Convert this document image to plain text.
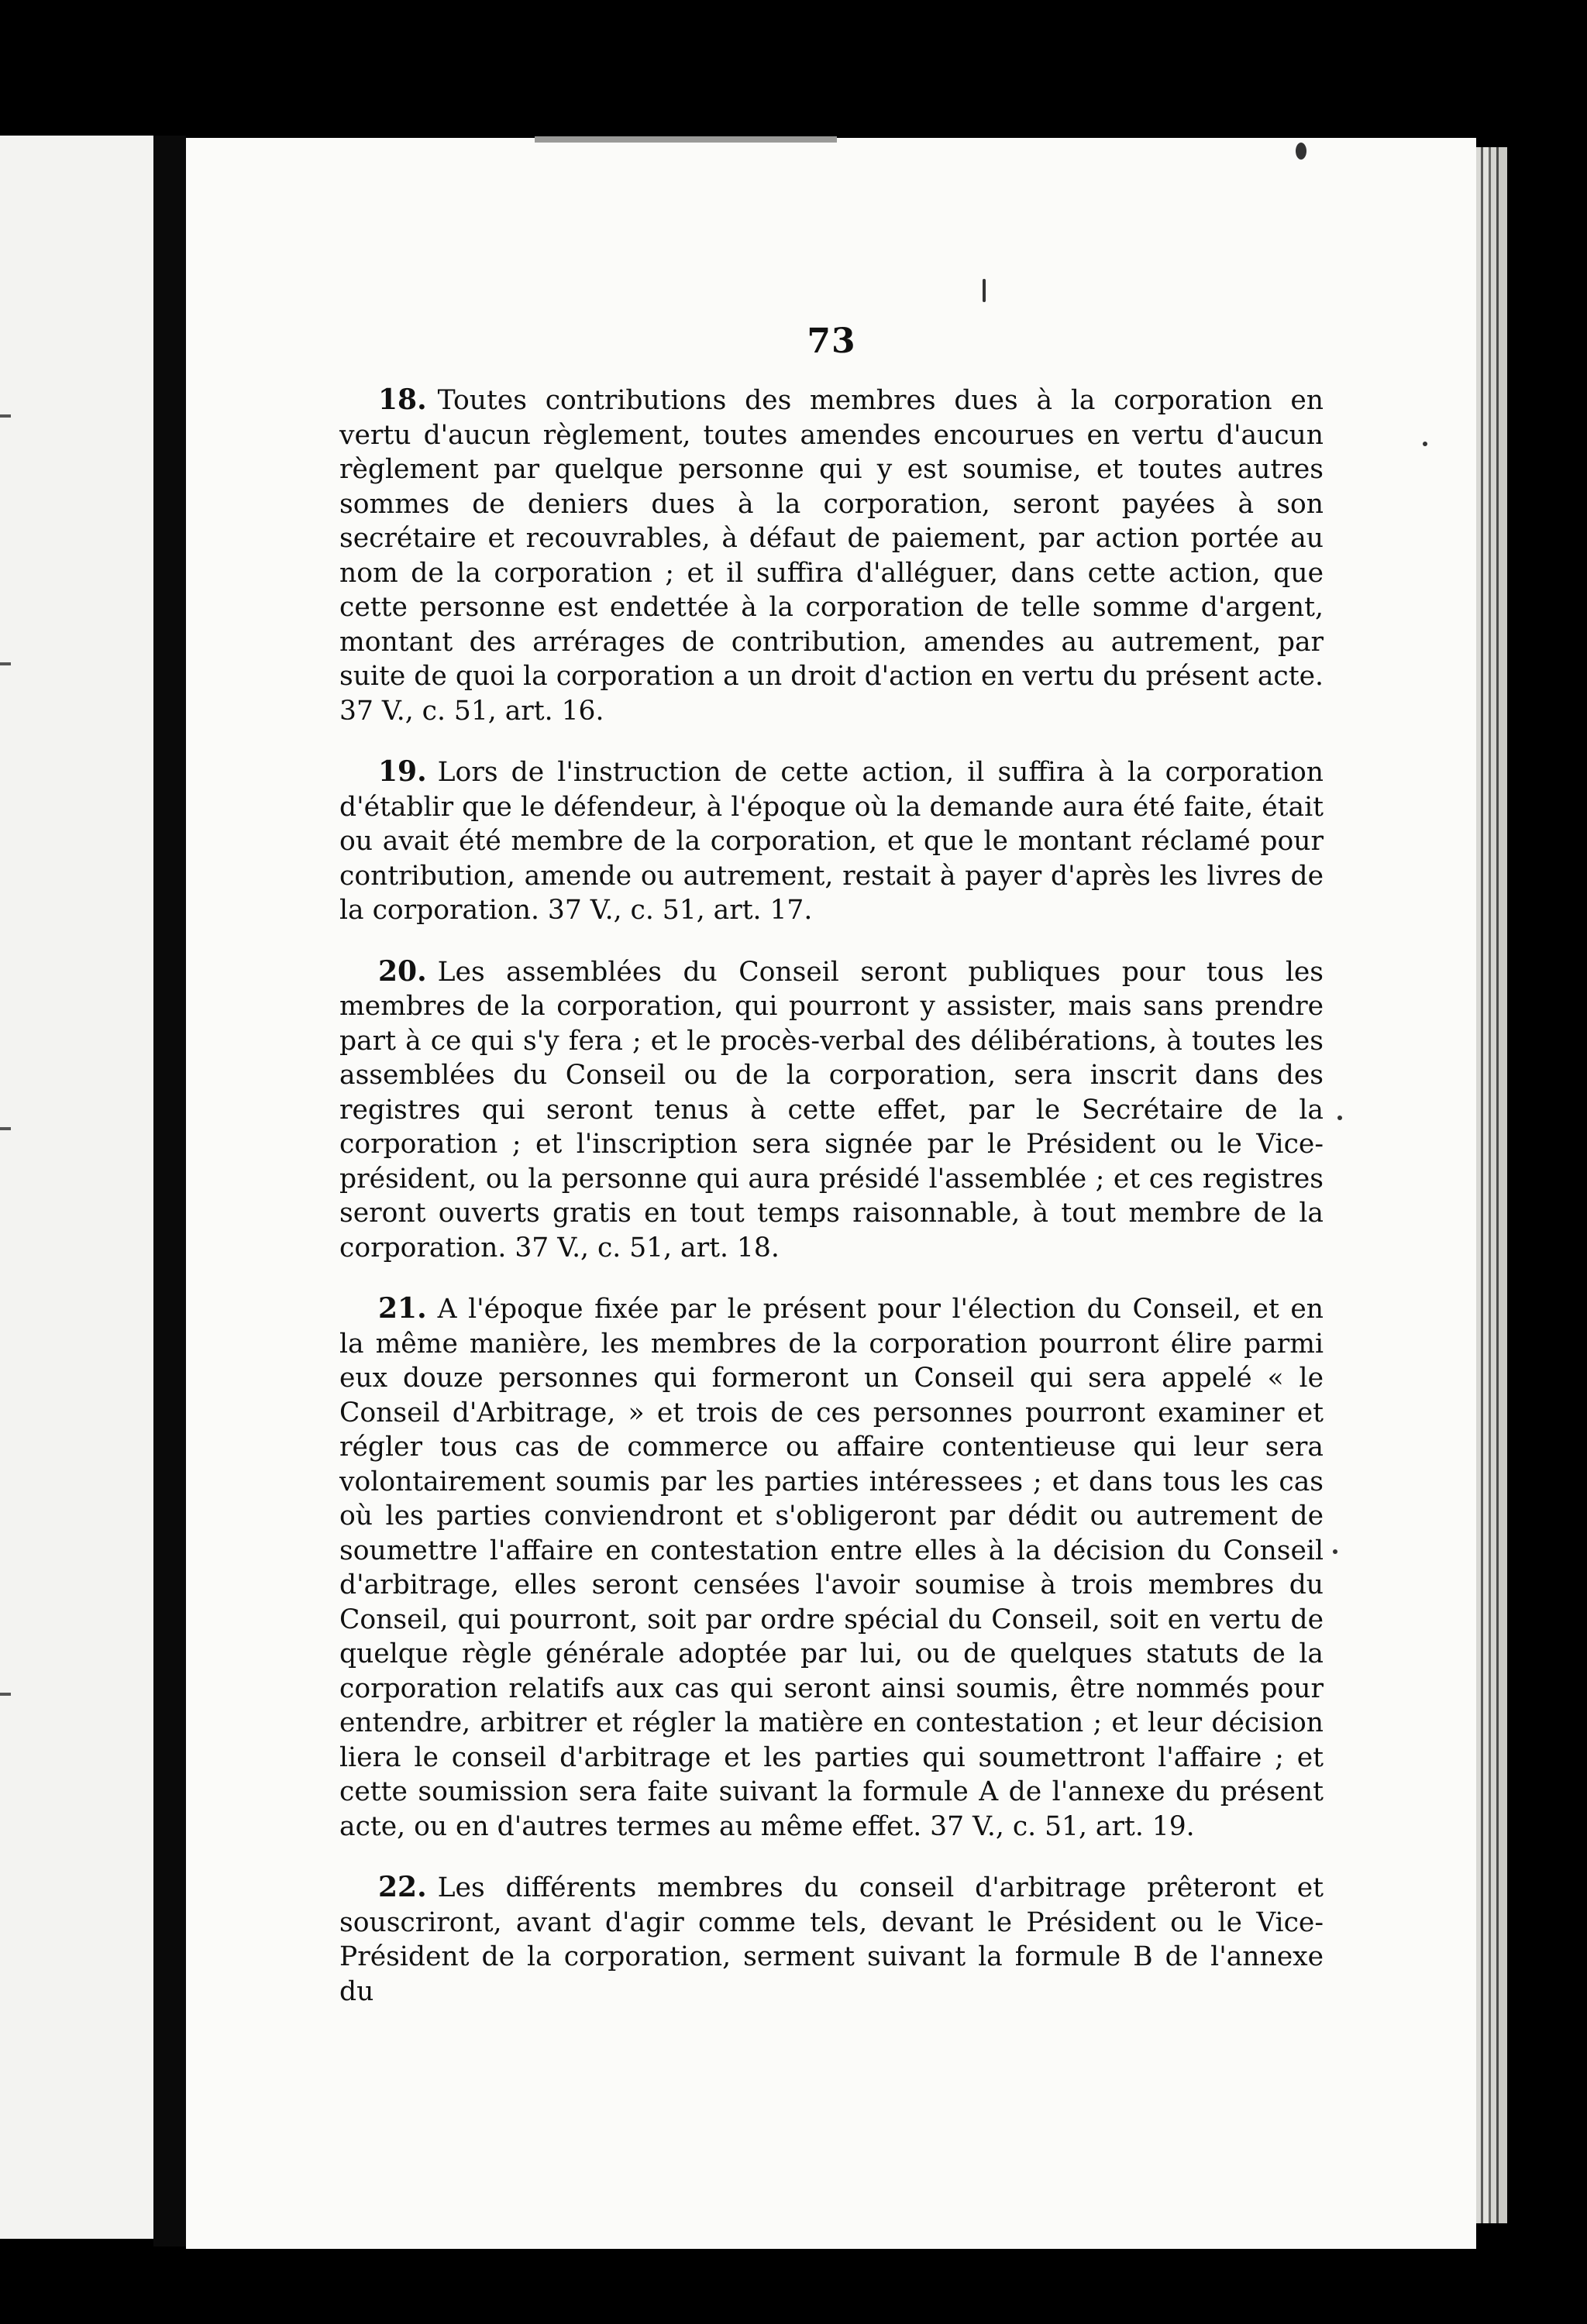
73

18. Toutes contributions des membres dues à la corporation en vertu d'aucun règlement, toutes amendes encourues en vertu d'aucun règlement par quelque personne qui y est soumise, et toutes autres sommes de deniers dues à la corporation, seront payées à son secrétaire et recouvrables, à défaut de paiement, par action portée au nom de la corporation ; et il suffira d'alléguer, dans cette action, que cette personne est endettée à la corporation de telle somme d'argent, montant des arrérages de contribution, amendes au autrement, par suite de quoi la corporation a un droit d'action en vertu du présent acte. 37 V., c. 51, art. 16.

19. Lors de l'instruction de cette action, il suffira à la corporation d'établir que le défendeur, à l'époque où la demande aura été faite, était ou avait été membre de la corporation, et que le montant réclamé pour contribution, amende ou autrement, restait à payer d'après les livres de la corporation. 37 V., c. 51, art. 17.

20. Les assemblées du Conseil seront publiques pour tous les membres de la corporation, qui pourront y assister, mais sans prendre part à ce qui s'y fera ; et le procès-verbal des délibérations, à toutes les assemblées du Conseil ou de la corporation, sera inscrit dans des registres qui seront tenus à cette effet, par le Secrétaire de la corporation ; et l'inscription sera signée par le Président ou le Vice-président, ou la personne qui aura présidé l'assemblée ; et ces registres seront ouverts gratis en tout temps raisonnable, à tout membre de la corporation. 37 V., c. 51, art. 18.

21. A l'époque fixée par le présent pour l'élection du Conseil, et en la même manière, les membres de la corporation pourront élire parmi eux douze personnes qui formeront un Conseil qui sera appelé « le Conseil d'Arbitrage, » et trois de ces personnes pourront examiner et régler tous cas de commerce ou affaire contentieuse qui leur sera volontairement soumis par les parties intéressees ; et dans tous les cas où les parties conviendront et s'obligeront par dédit ou autrement de soumettre l'affaire en contestation entre elles à la décision du Conseil d'arbitrage, elles seront censées l'avoir soumise à trois membres du Conseil, qui pourront, soit par ordre spécial du Conseil, soit en vertu de quelque règle générale adoptée par lui, ou de quelques statuts de la corporation relatifs aux cas qui seront ainsi soumis, être nommés pour entendre, arbitrer et régler la matière en contestation ; et leur décision liera le conseil d'arbitrage et les parties qui soumettront l'affaire ; et cette soumission sera faite suivant la formule A de l'annexe du présent acte, ou en d'autres termes au même effet. 37 V., c. 51, art. 19.

22. Les différents membres du conseil d'arbitrage prêteront et souscriront, avant d'agir comme tels, devant le Président ou le Vice-Président de la corporation, serment suivant la formule B de l'annexe du
